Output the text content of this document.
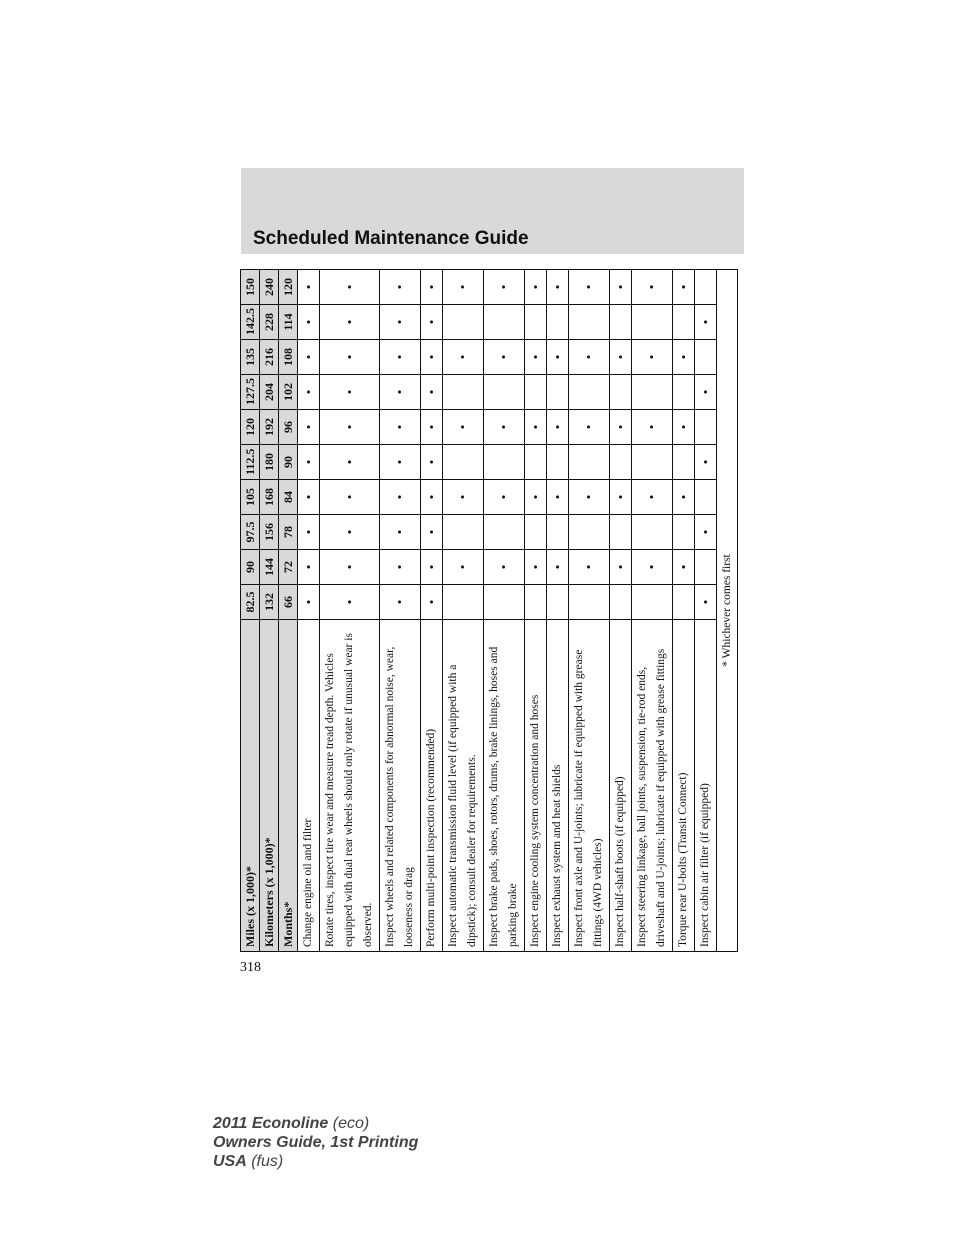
Scheduled Maintenance Guide
Miles (x 1,000)*	82.5	90	97.5	105	112.5	120	127.5	135	142.5	150
Kilometers (x 1,000)*	132	144	156	168	180	192	204	216	228	240
Months*	66	72	78	84	90	96	102	108	114	120
Change engine oil and filter	•	•	•	•	•	•	•	•	•	•
Rotate tires, inspect tire wear and measure tread depth. Vehicles equipped with dual rear wheels should only rotate if unusual wear is observed.	•	•	•	•	•	•	•	•	•	•
Inspect wheels and related components for abnormal noise, wear, looseness or drag	•	•	•	•	•	•	•	•	•	•
Perform multi-point inspection (recommended)	•	•	•	•	•	•	•	•	•	•
Inspect automatic transmission fluid level (if equipped with a dipstick); consult dealer for requirements.		•		•		•		•		•
Inspect brake pads, shoes, rotors, drums, brake linings, hoses and parking brake		•		•		•		•		•
Inspect engine cooling system concentration and hoses		•		•		•		•		•
Inspect exhaust system and heat shields		•		•		•		•		•
Inspect front axle and U-joints; lubricate if equipped with grease fittings (4WD vehicles)		•		•		•		•		•
Inspect half-shaft boots (if equipped)		•		•		•		•		•
Inspect steering linkage, ball joints, suspension, tie-rod ends, driveshaft and U-joints; lubricate if equipped with grease fittings		•		•		•		•		•
Torque rear U-bolts (Transit Connect)		•		•		•		•		•
Inspect cabin air filter (if equipped)	•		•		•		•		•	
* Whichever comes first										
318
2011 Econoline (eco)
Owners Guide, 1st Printing
USA (fus)
